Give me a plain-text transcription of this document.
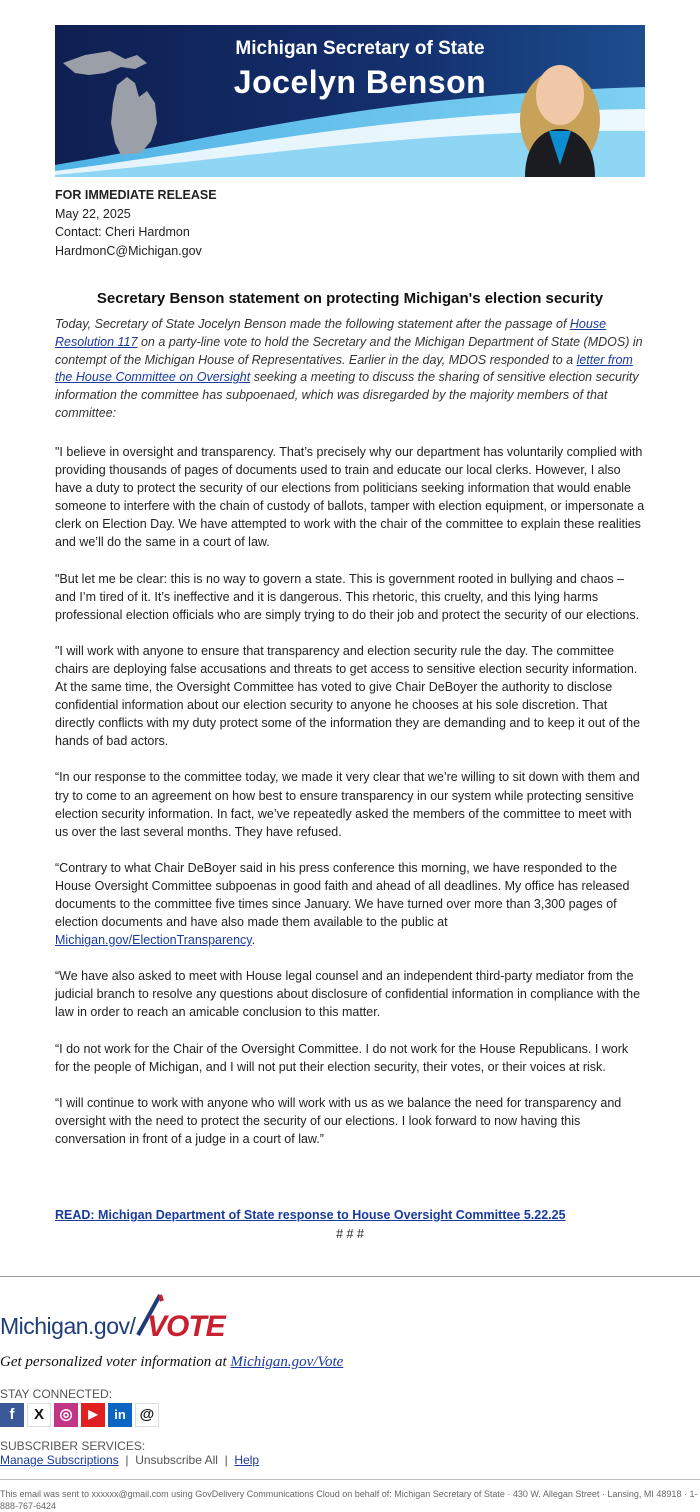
Michigan Secretary of State
Jocelyn Benson
FOR IMMEDIATE RELEASE
May 22, 2025
Contact: Cheri Hardmon
HardmonC@Michigan.gov
Secretary Benson statement on protecting Michigan's election security
Today, Secretary of State Jocelyn Benson made the following statement after the passage of House Resolution 117 on a party-line vote to hold the Secretary and the Michigan Department of State (MDOS) in contempt of the Michigan House of Representatives. Earlier in the day, MDOS responded to a letter from the House Committee on Oversight seeking a meeting to discuss the sharing of sensitive election security information the committee has subpoenaed, which was disregarded by the majority members of that committee:

"I believe in oversight and transparency. That’s precisely why our department has voluntarily complied with providing thousands of pages of documents used to train and educate our local clerks. However, I also have a duty to protect the security of our elections from politicians seeking information that would enable someone to interfere with the chain of custody of ballots, tamper with election equipment, or impersonate a clerk on Election Day. We have attempted to work with the chair of the committee to explain these realities and we’ll do the same in a court of law.

"But let me be clear: this is no way to govern a state. This is government rooted in bullying and chaos – and I’m tired of it. It’s ineffective and it is dangerous. This rhetoric, this cruelty, and this lying harms professional election officials who are simply trying to do their job and protect the security of our elections.

"I will work with anyone to ensure that transparency and election security rule the day. The committee chairs are deploying false accusations and threats to get access to sensitive election security information. At the same time, the Oversight Committee has voted to give Chair DeBoyer the authority to disclose confidential information about our election security to anyone he chooses at his sole discretion. That directly conflicts with my duty protect some of the information they are demanding and to keep it out of the hands of bad actors.

“In our response to the committee today, we made it very clear that we’re willing to sit down with them and try to come to an agreement on how best to ensure transparency in our system while protecting sensitive election security information. In fact, we’ve repeatedly asked the members of the committee to meet with us over the last several months. They have refused.

“Contrary to what Chair DeBoyer said in his press conference this morning, we have responded to the House Oversight Committee subpoenas in good faith and ahead of all deadlines. My office has released documents to the committee five times since January. We have turned over more than 3,300 pages of election documents and have also made them available to the public at Michigan.gov/ElectionTransparency.

“We have also asked to meet with House legal counsel and an independent third-party mediator from the judicial branch to resolve any questions about disclosure of confidential information in compliance with the law in order to reach an amicable conclusion to this matter.

“I do not work for the Chair of the Oversight Committee. I do not work for the House Republicans. I work for the people of Michigan, and I will not put their election security, their votes, or their voices at risk.

“I will continue to work with anyone who will work with us as we balance the need for transparency and oversight with the need to protect the security of our elections. I look forward to now having this conversation in front of a judge in a court of law.”

READ: Michigan Department of State response to House Oversight Committee 5.22.25
# # #
Michigan.gov/ VOTE
Get personalized voter information at Michigan.gov/Vote
STAY CONNECTED:
f	X	◎	▶	in @
SUBSCRIBER SERVICES:
Manage Subscriptions | Unsubscribe All | Help
This email was sent to xxxxxx@gmail.com using GovDelivery Communications Cloud on behalf of: Michigan Secretary of State · 430 W. Allegan Street · Lansing, MI 48918 · 1-888-767-6424
